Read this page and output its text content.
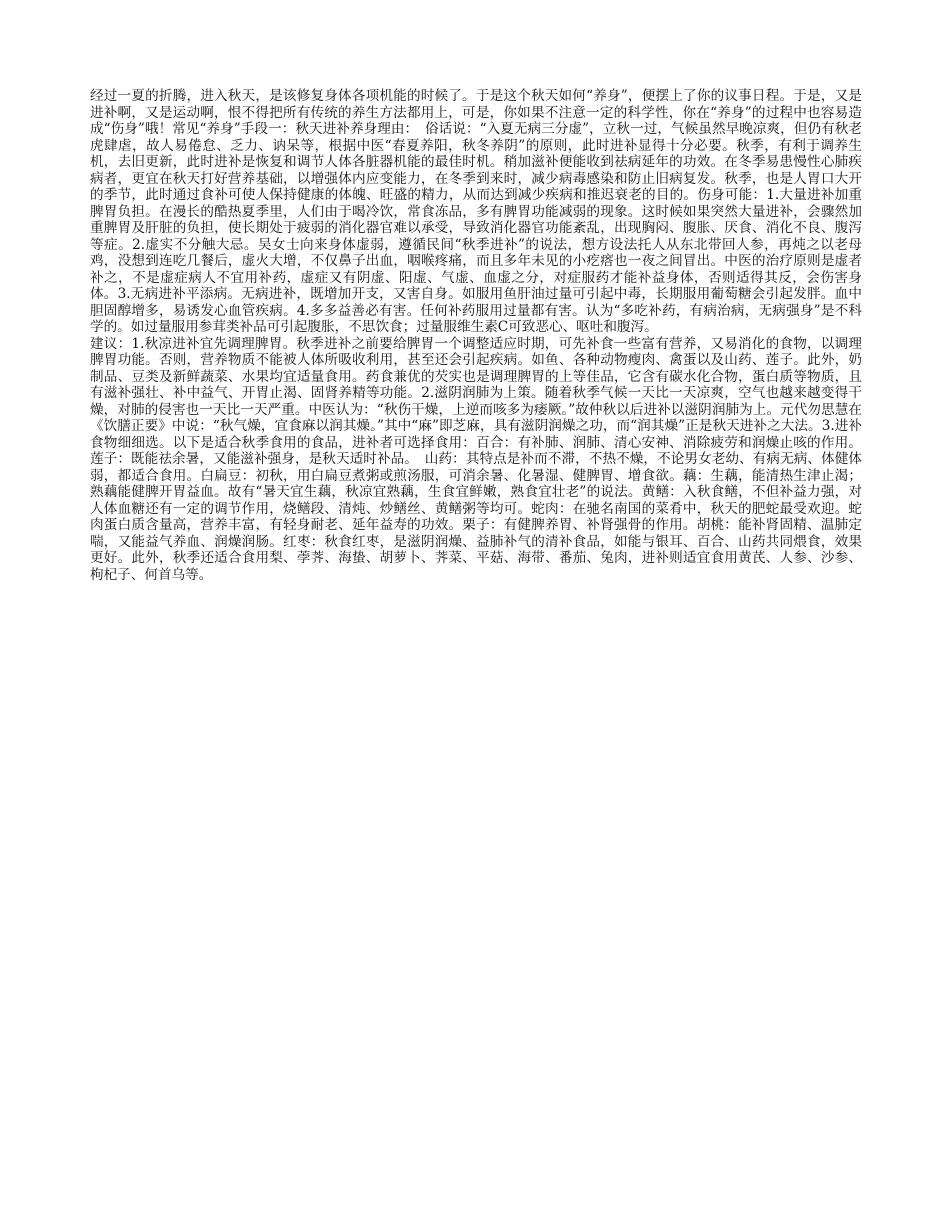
经过一夏的折腾，进入秋天，是该修复身体各项机能的时候了。于是这个秋天如何“养身”，便摆上了你的议事日程。于是，又是进补啊，又是运动啊，恨不得把所有传统的养生方法都用上，可是，你如果不注意一定的科学性，你在“养身”的过程中也容易造成“伤身”哦！常见“养身”手段一：秋天进补养身理由：　俗话说：“入夏无病三分虚”，立秋一过，气候虽然早晚凉爽，但仍有秋老虎肆虐，故人易倦怠、乏力、讷呆等，根据中医“春夏养阳，秋冬养阴”的原则，此时进补显得十分必要。秋季，有利于调养生机，去旧更新，此时进补是恢复和调节人体各脏器机能的最佳时机。稍加滋补便能收到祛病延年的功效。在冬季易患慢性心肺疾病者，更宜在秋天打好营养基础，以增强体内应变能力，在冬季到来时，减少病毒感染和防止旧病复发。秋季，也是人胃口大开的季节，此时通过食补可使人保持健康的体魄、旺盛的精力，从而达到减少疾病和推迟衰老的目的。伤身可能：1.大量进补加重脾胃负担。在漫长的酷热夏季里，人们由于喝冷饮，常食冻品，多有脾胃功能减弱的现象。这时候如果突然大量进补，会骤然加重脾胃及肝脏的负担，使长期处于疲弱的消化器官难以承受，导致消化器官功能紊乱，出现胸闷、腹胀、厌食、消化不良、腹泻等症。2.虚实不分触大忌。吴女士向来身体虚弱，遵循民间“秋季进补”的说法，想方设法托人从东北带回人参，再炖之以老母鸡，没想到连吃几餐后，虚火大增，不仅鼻子出血，咽喉疼痛，而且多年未见的小疙瘩也一夜之间冒出。中医的治疗原则是虚者补之，不是虚症病人不宜用补药，虚症又有阴虚、阳虚、气虚、血虚之分，对症服药才能补益身体，否则适得其反，会伤害身体。3.无病进补平添病。无病进补，既增加开支，又害自身。如服用鱼肝油过量可引起中毒，长期服用葡萄糖会引起发胖。血中胆固醇增多，易诱发心血管疾病。4.多多益善必有害。任何补药服用过量都有害。认为“多吃补药，有病治病，无病强身”是不科学的。如过量服用参茸类补品可引起腹胀，不思饮食；过量服维生素C可致恶心、呕吐和腹泻。

建议：1.秋凉进补宜先调理脾胃。秋季进补之前要给脾胃一个调整适应时期，可先补食一些富有营养，又易消化的食物，以调理脾胃功能。否则，营养物质不能被人体所吸收利用，甚至还会引起疾病。如鱼、各种动物瘦肉、禽蛋以及山药、莲子。此外，奶制品、豆类及新鲜蔬菜、水果均宜适量食用。药食兼优的芡实也是调理脾胃的上等佳品，它含有碳水化合物，蛋白质等物质，且有滋补强壮、补中益气、开胃止渴、固肾养精等功能。2.滋阴润肺为上策。随着秋季气候一天比一天凉爽，空气也越来越变得干燥，对肺的侵害也一天比一天严重。中医认为：“秋伤干燥，上逆而咳多为痿厥。”故仲秋以后进补以滋阴润肺为上。元代勿思慧在《饮膳正要》中说：“秋气燥，宜食麻以润其燥。”其中“麻”即芝麻，具有滋阴润燥之功，而“润其燥”正是秋天进补之大法。3.进补食物细细选。以下是适合秋季食用的食品，进补者可选择食用：百合：有补肺、润肺、清心安神、消除疲劳和润燥止咳的作用。莲子：既能祛余暑，又能滋补强身，是秋天适时补品。　山药：其特点是补而不滞，不热不燥，不论男女老幼、有病无病、体健体弱，都适合食用。白扁豆：初秋，用白扁豆煮粥或煎汤服，可消余暑、化暑湿、健脾胃、增食欲。藕：生藕，能清热生津止渴；熟藕能健脾开胃益血。故有“暑天宜生藕，秋凉宜熟藕，生食宜鲜嫩，熟食宜壮老”的说法。黄鳝：入秋食鳝，不但补益力强，对人体血糖还有一定的调节作用，烧鳝段、清炖、炒鳝丝、黄鳝粥等均可。蛇肉：在驰名南国的菜肴中，秋天的肥蛇最受欢迎。蛇肉蛋白质含量高，营养丰富，有轻身耐老、延年益寿的功效。栗子：有健脾养胃、补肾强骨的作用。胡桃：能补肾固精、温肺定喘，又能益气养血、润燥润肠。红枣：秋食红枣，是滋阴润燥、益肺补气的清补食品，如能与银耳、百合、山药共同煨食，效果更好。此外，秋季还适合食用梨、荸荠、海蛰、胡萝卜、荠菜、平菇、海带、番茄、兔肉，进补则适宜食用黄芪、人参、沙参、枸杞子、何首乌等。
